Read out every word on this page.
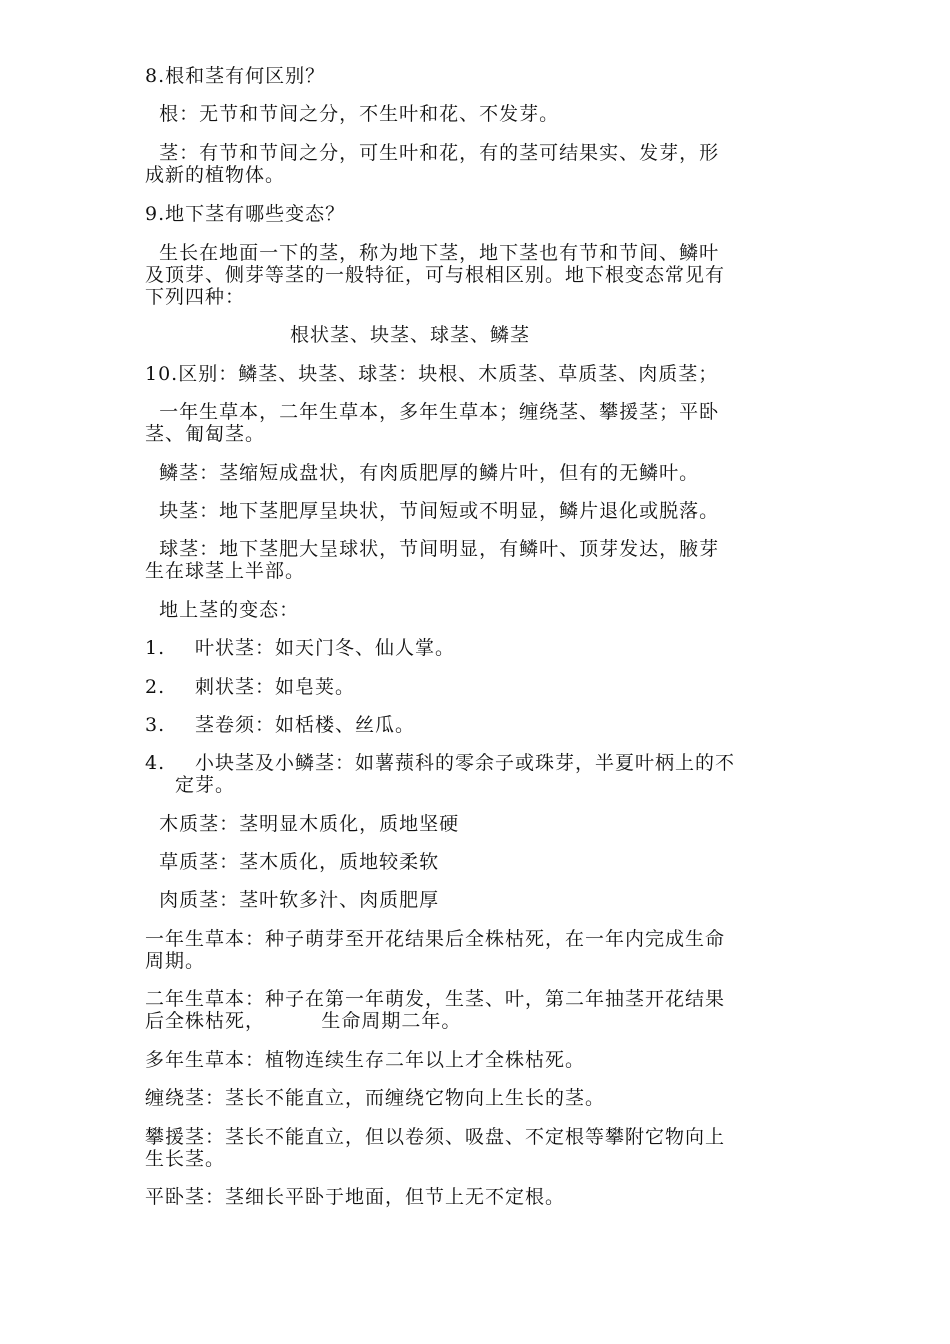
8.根和茎有何区别？
根：无节和节间之分，不生叶和花、不发芽。
茎：有节和节间之分，可生叶和花，有的茎可结果实、发芽，形
成新的植物体。
9.地下茎有哪些变态？
生长在地面一下的茎，称为地下茎，地下茎也有节和节间、鳞叶
及顶芽、侧芽等茎的一般特征，可与根相区别。地下根变态常见有
下列四种：
根状茎、块茎、球茎、鳞茎
10.区别：鳞茎、块茎、球茎：块根、木质茎、草质茎、肉质茎；
一年生草本，二年生草本，多年生草本；缠绕茎、攀援茎；平卧
茎、匍匐茎。
鳞茎：茎缩短成盘状，有肉质肥厚的鳞片叶，但有的无鳞叶。
块茎：地下茎肥厚呈块状，节间短或不明显，鳞片退化或脱落。
球茎：地下茎肥大呈球状，节间明显，有鳞叶、顶芽发达，腋芽
生在球茎上半部。
地上茎的变态：
1. 叶状茎：如天门冬、仙人掌。
2. 刺状茎：如皂荚。
3. 茎卷须：如栝楼、丝瓜。
4. 小块茎及小鳞茎：如薯蓣科的零余子或珠芽，半夏叶柄上的不
定芽。
木质茎：茎明显木质化，质地坚硬
草质茎：茎木质化，质地较柔软
肉质茎：茎叶软多汁、肉质肥厚
一年生草本：种子萌芽至开花结果后全株枯死，在一年内完成生命
周期。
二年生草本：种子在第一年萌发，生茎、叶，第二年抽茎开花结果
后全株枯死，        生命周期二年。
多年生草本：植物连续生存二年以上才全株枯死。
缠绕茎：茎长不能直立，而缠绕它物向上生长的茎。
攀援茎：茎长不能直立，但以卷须、吸盘、不定根等攀附它物向上
生长茎。
平卧茎：茎细长平卧于地面，但节上无不定根。
